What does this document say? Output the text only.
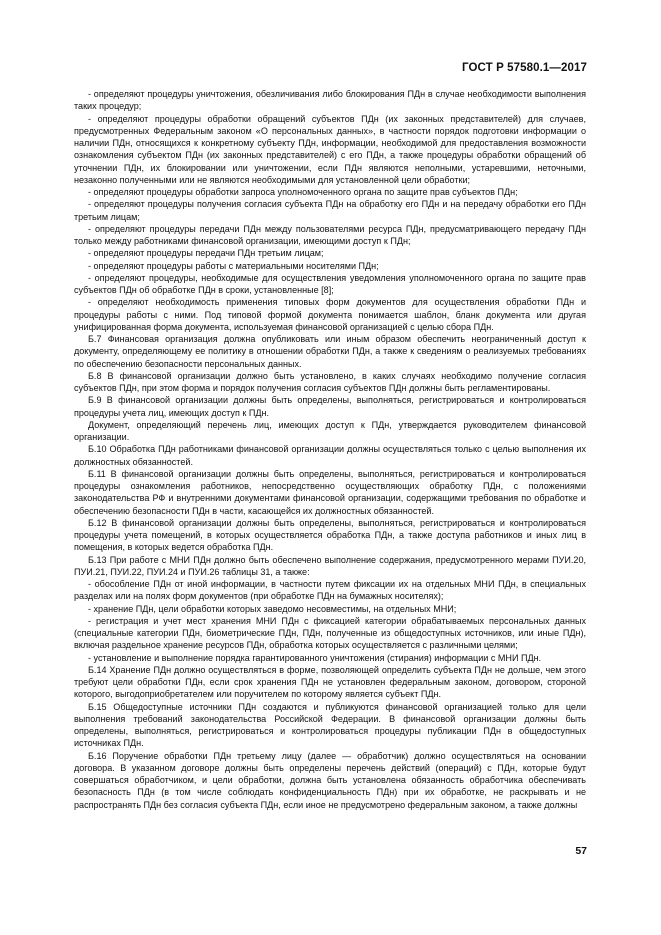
ГОСТ Р 57580.1—2017

- определяют процедуры уничтожения, обезличивания либо блокирования ПДн в случае необходимости выполнения таких процедур;

- определяют процедуры обработки обращений субъектов ПДн (их законных представителей) для случаев, предусмотренных Федеральным законом «О персональных данных», в частности порядок подготовки информации о наличии ПДн, относящихся к конкретному субъекту ПДн, информации, необходимой для предоставления возможности ознакомления субъектом ПДн (их законных представителей) с его ПДн, а также процедуры обработки обращений об уточнении ПДн, их блокировании или уничтожении, если ПДн являются неполными, устаревшими, неточными, незаконно полученными или не являются необходимыми для установленной цели обработки;

- определяют процедуры обработки запроса уполномоченного органа по защите прав субъектов ПДн;

- определяют процедуры получения согласия субъекта ПДн на обработку его ПДн и на передачу обработки его ПДн третьим лицам;

- определяют процедуры передачи ПДн между пользователями ресурса ПДн, предусматривающего передачу ПДн только между работниками финансовой организации, имеющими доступ к ПДн;

- определяют процедуры передачи ПДн третьим лицам;

- определяют процедуры работы с материальными носителями ПДн;

- определяют процедуры, необходимые для осуществления уведомления уполномоченного органа по защите прав субъектов ПДн об обработке ПДн в сроки, установленные [8];

- определяют необходимость применения типовых форм документов для осуществления обработки ПДн и процедуры работы с ними. Под типовой формой документа понимается шаблон, бланк документа или другая унифицированная форма документа, используемая финансовой организацией с целью сбора ПДн.

Б.7 Финансовая организация должна опубликовать или иным образом обеспечить неограниченный доступ к документу, определяющему ее политику в отношении обработки ПДн, а также к сведениям о реализуемых требованиях по обеспечению безопасности персональных данных.

Б.8 В финансовой организации должно быть установлено, в каких случаях необходимо получение согласия субъектов ПДн, при этом форма и порядок получения согласия субъектов ПДн должны быть регламентированы.

Б.9 В финансовой организации должны быть определены, выполняться, регистрироваться и контролироваться процедуры учета лиц, имеющих доступ к ПДн.

Документ, определяющий перечень лиц, имеющих доступ к ПДн, утверждается руководителем финансовой организации.

Б.10 Обработка ПДн работниками финансовой организации должны осуществляться только с целью выполнения их должностных обязанностей.

Б.11 В финансовой организации должны быть определены, выполняться, регистрироваться и контролироваться процедуры ознакомления работников, непосредственно осуществляющих обработку ПДн, с положениями законодательства РФ и внутренними документами финансовой организации, содержащими требования по обработке и обеспечению безопасности ПДн в части, касающейся их должностных обязанностей.

Б.12 В финансовой организации должны быть определены, выполняться, регистрироваться и контролироваться процедуры учета помещений, в которых осуществляется обработка ПДн, а также доступа работников и иных лиц в помещения, в которых ведется обработка ПДн.

Б.13 При работе с МНИ ПДн должно быть обеспечено выполнение содержания, предусмотренного мерами ПУИ.20, ПУИ.21, ПУИ.22, ПУИ.24 и ПУИ.26 таблицы 31, а также:

- обособление ПДн от иной информации, в частности путем фиксации их на отдельных МНИ ПДн, в специальных разделах или на полях форм документов (при обработке ПДн на бумажных носителях);

- хранение ПДн, цели обработки которых заведомо несовместимы, на отдельных МНИ;

- регистрация и учет мест хранения МНИ ПДн с фиксацией категории обрабатываемых персональных данных (специальные категории ПДн, биометрические ПДн, ПДн, полученные из общедоступных источников, или иные ПДн), включая раздельное хранение ресурсов ПДн, обработка которых осуществляется с различными целями;

- установление и выполнение порядка гарантированного уничтожения (стирания) информации с МНИ ПДн.

Б.14 Хранение ПДн должно осуществляться в форме, позволяющей определить субъекта ПДн не дольше, чем этого требуют цели обработки ПДн, если срок хранения ПДн не установлен федеральным законом, договором, стороной которого, выгодоприобретателем или поручителем по которому является субъект ПДн.

Б.15 Общедоступные источники ПДн создаются и публикуются финансовой организацией только для цели выполнения требований законодательства Российской Федерации. В финансовой организации должны быть определены, выполняться, регистрироваться и контролироваться процедуры публикации ПДн в общедоступных источниках ПДн.

Б.16 Поручение обработки ПДн третьему лицу (далее — обработчик) должно осуществляться на основании договора. В указанном договоре должны быть определены перечень действий (операций) с ПДн, которые будут совершаться обработчиком, и цели обработки, должна быть установлена обязанность обработчика обеспечивать безопасность ПДн (в том числе соблюдать конфиденциальность ПДн) при их обработке, не раскрывать и не распространять ПДн без согласия субъекта ПДн, если иное не предусмотрено федеральным законом, а также должны

57
